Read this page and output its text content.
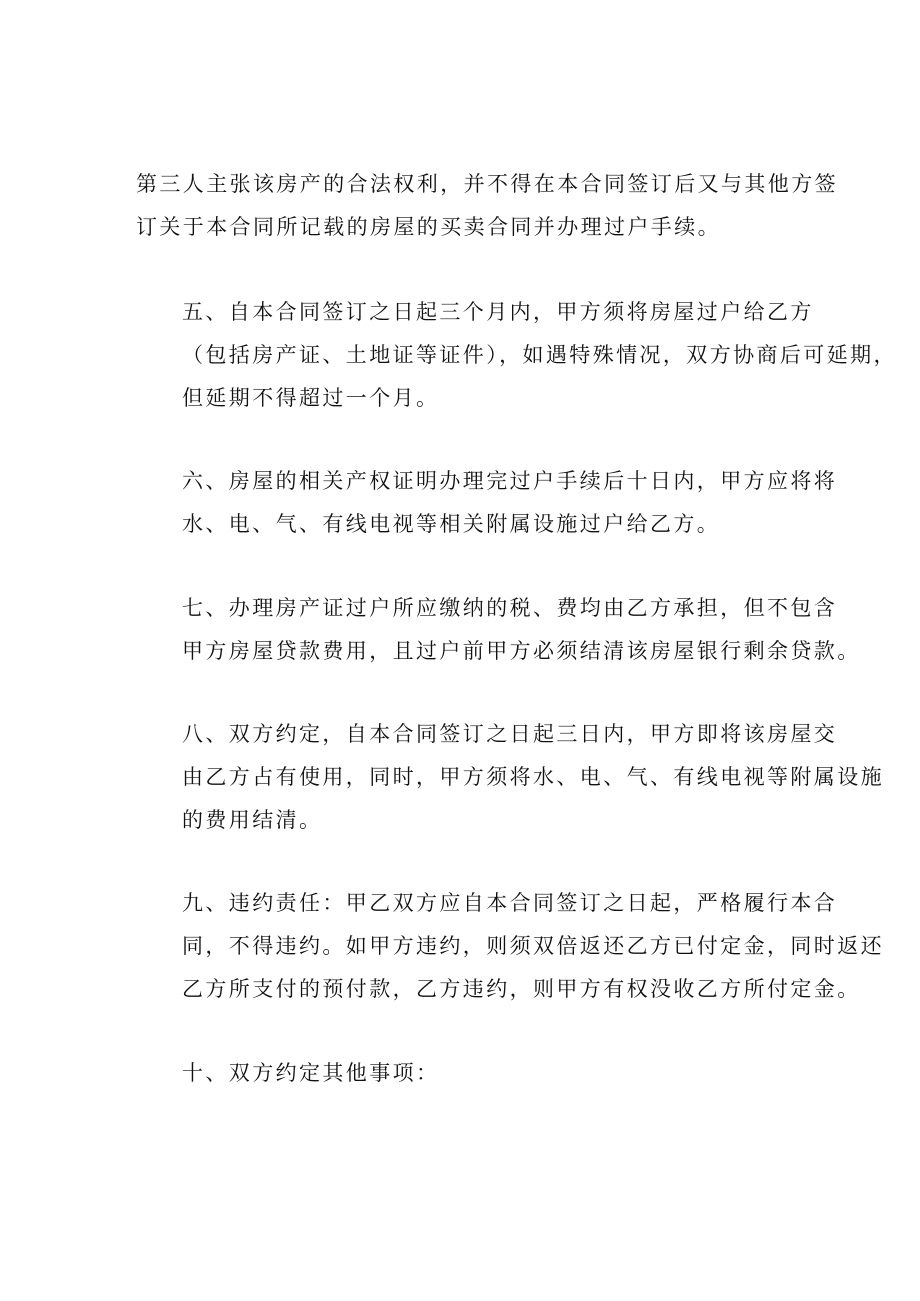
第三人主张该房产的合法权利，并不得在本合同签订后又与其他方签
订关于本合同所记载的房屋的买卖合同并办理过户手续。

五、自本合同签订之日起三个月内，甲方须将房屋过户给乙方
（包括房产证、土地证等证件），如遇特殊情况，双方协商后可延期，
但延期不得超过一个月。

六、房屋的相关产权证明办理完过户手续后十日内，甲方应将将
水、电、气、有线电视等相关附属设施过户给乙方。

七、办理房产证过户所应缴纳的税、费均由乙方承担，但不包含
甲方房屋贷款费用，且过户前甲方必须结清该房屋银行剩余贷款。

八、双方约定，自本合同签订之日起三日内，甲方即将该房屋交
由乙方占有使用，同时，甲方须将水、电、气、有线电视等附属设施
的费用结清。

九、违约责任：甲乙双方应自本合同签订之日起，严格履行本合
同，不得违约。如甲方违约，则须双倍返还乙方已付定金，同时返还
乙方所支付的预付款，乙方违约，则甲方有权没收乙方所付定金。

十、双方约定其他事项：
